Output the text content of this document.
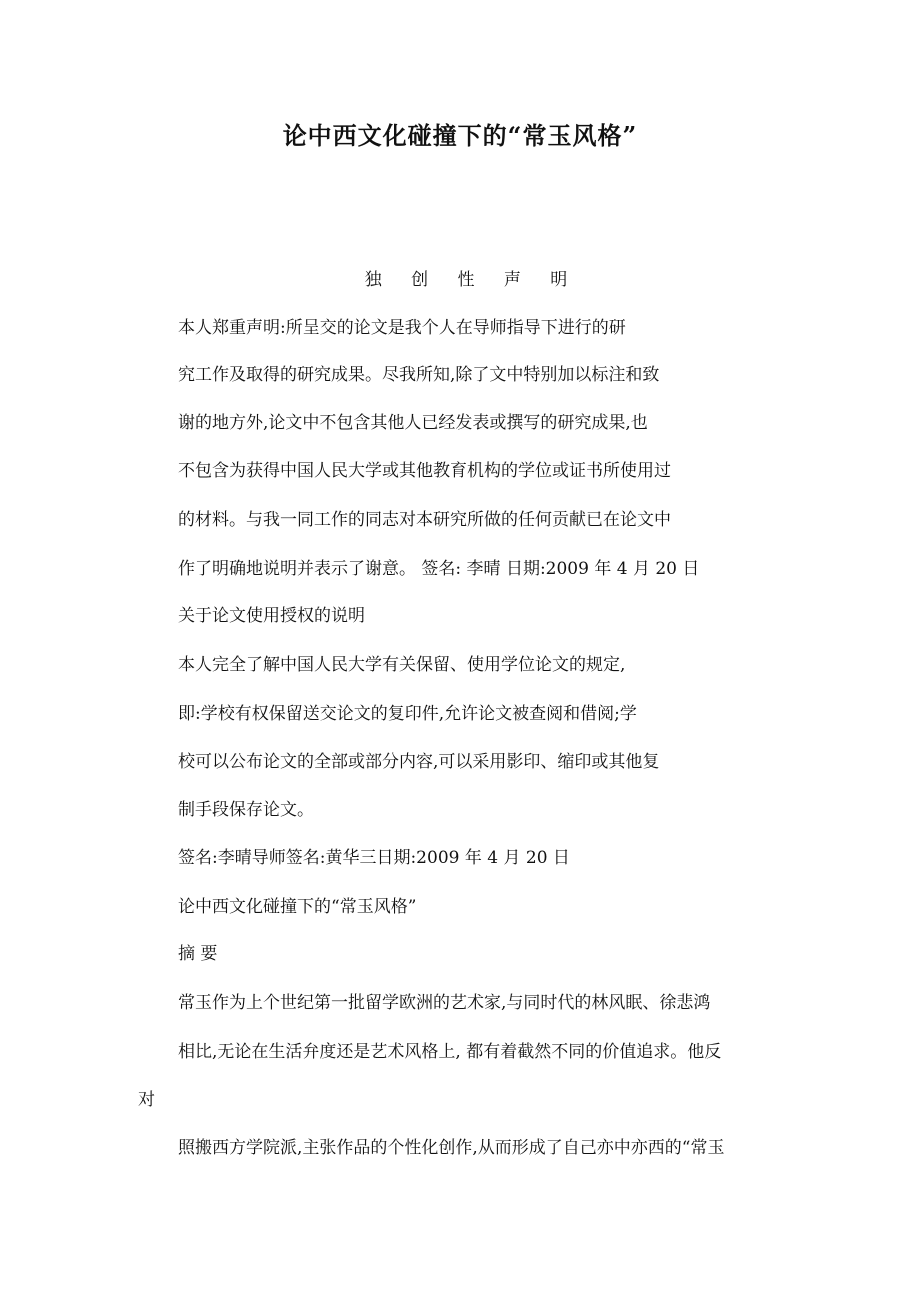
论中西文化碰撞下的“常玉风格”
独 创 性 声 明
本人郑重声明:所呈交的论文是我个人在导师指导下进行的研
究工作及取得的研究成果。尽我所知,除了文中特别加以标注和致
谢的地方外,论文中不包含其他人已经发表或撰写的研究成果,也
不包含为获得中国人民大学或其他教育机构的学位或证书所使用过
的材料。与我一同工作的同志对本研究所做的任何贡献已在论文中
作了明确地说明并表示了谢意。 签名: 李晴 日期:2009 年 4 月 20 日
关于论文使用授权的说明
本人完全了解中国人民大学有关保留、使用学位论文的规定,
即:学校有权保留送交论文的复印件,允许论文被查阅和借阅;学
校可以公布论文的全部或部分内容,可以采用影印、缩印或其他复
制手段保存论文。
签名:李晴导师签名:黄华三日期:2009 年 4 月 20 日
论中西文化碰撞下的“常玉风格”
摘 要
常玉作为上个世纪第一批留学欧洲的艺术家,与同时代的林风眠、徐悲鸿
相比,无论在生活弁度还是艺术风格上, 都有着截然不同的价值追求。他反
对
照搬西方学院派,主张作品的个性化创作,从而形成了自己亦中亦西的“常玉
